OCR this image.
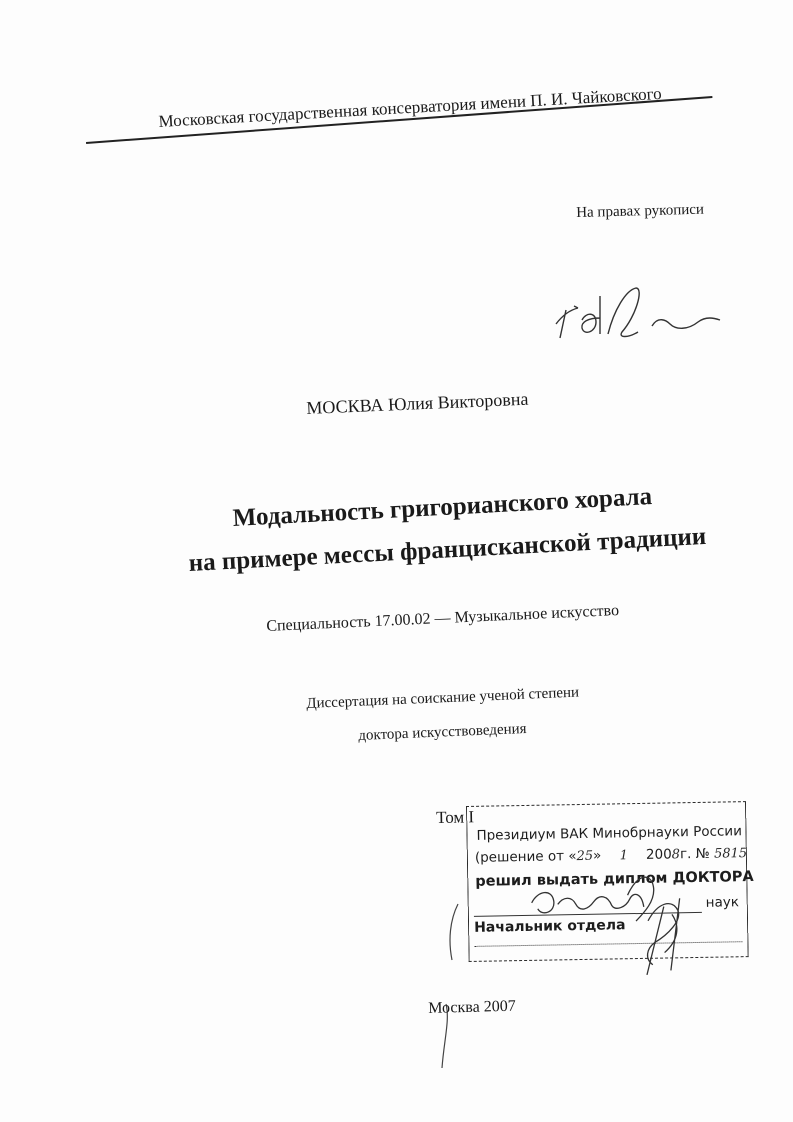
Московская государственная консерватория имени П. И. Чайковского
На правах рукописи
МОСКВА Юлия Викторовна
Модальность григорианского хорала
на примере мессы францисканской традиции
Специальность 17.00.02 — Музыкальное искусство
Диссертация на соискание ученой степени
доктора искусствоведения
Том I
Президиум ВАК Минобрнауки России
(решение от «25» 1 2008г. № 5815
решил выдать диплом ДОКТОРА
наук
Начальник отдела
Москва 2007
